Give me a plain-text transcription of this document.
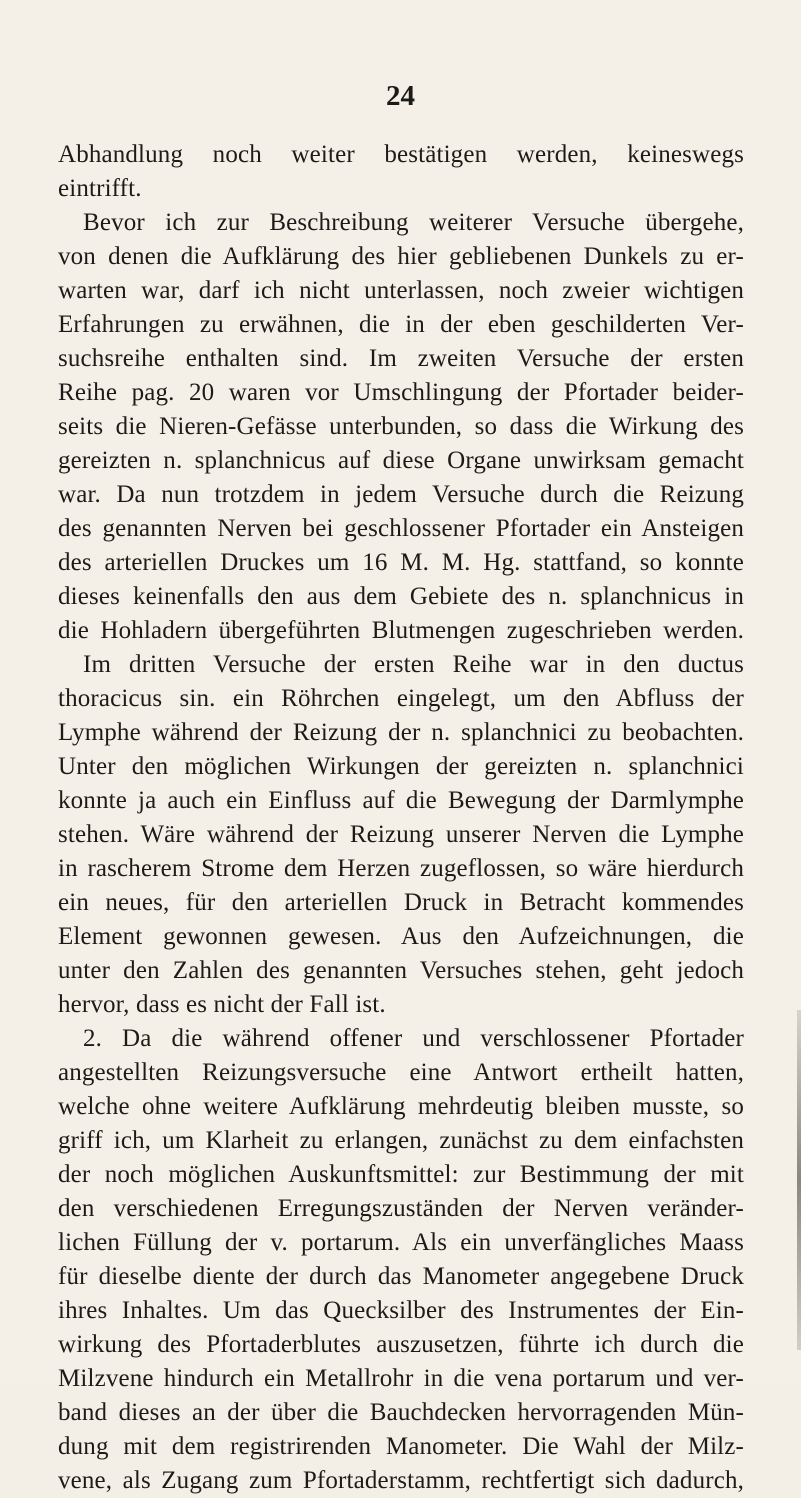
24
Abhandlung noch weiter bestätigen werden, keineswegs
eintrifft.
Bevor ich zur Beschreibung weiterer Versuche übergehe,
von denen die Aufklärung des hier gebliebenen Dunkels zu er-
warten war, darf ich nicht unterlassen, noch zweier wichtigen
Erfahrungen zu erwähnen, die in der eben geschilderten Ver-
suchsreihe enthalten sind. Im zweiten Versuche der ersten
Reihe pag. 20 waren vor Umschlingung der Pfortader beider-
seits die Nieren-Gefässe unterbunden, so dass die Wirkung des
gereizten n. splanchnicus auf diese Organe unwirksam gemacht
war. Da nun trotzdem in jedem Versuche durch die Reizung
des genannten Nerven bei geschlossener Pfortader ein Ansteigen
des arteriellen Druckes um 16 M. M. Hg. stattfand, so konnte
dieses keinenfalls den aus dem Gebiete des n. splanchnicus in
die Hohladern übergeführten Blutmengen zugeschrieben werden.
Im dritten Versuche der ersten Reihe war in den ductus
thoracicus sin. ein Röhrchen eingelegt, um den Abfluss der
Lymphe während der Reizung der n. splanchnici zu beobachten.
Unter den möglichen Wirkungen der gereizten n. splanchnici
konnte ja auch ein Einfluss auf die Bewegung der Darmlymphe
stehen. Wäre während der Reizung unserer Nerven die Lymphe
in rascherem Strome dem Herzen zugeflossen, so wäre hierdurch
ein neues, für den arteriellen Druck in Betracht kommendes
Element gewonnen gewesen. Aus den Aufzeichnungen, die
unter den Zahlen des genannten Versuches stehen, geht jedoch
hervor, dass es nicht der Fall ist.
2. Da die während offener und verschlossener Pfortader
angestellten Reizungsversuche eine Antwort ertheilt hatten,
welche ohne weitere Aufklärung mehrdeutig bleiben musste, so
griff ich, um Klarheit zu erlangen, zunächst zu dem einfachsten
der noch möglichen Auskunftsmittel: zur Bestimmung der mit
den verschiedenen Erregungszuständen der Nerven veränder-
lichen Füllung der v. portarum. Als ein unverfängliches Maass
für dieselbe diente der durch das Manometer angegebene Druck
ihres Inhaltes. Um das Quecksilber des Instrumentes der Ein-
wirkung des Pfortaderblutes auszusetzen, führte ich durch die
Milzvene hindurch ein Metallrohr in die vena portarum und ver-
band dieses an der über die Bauchdecken hervorragenden Mün-
dung mit dem registrirenden Manometer. Die Wahl der Milz-
vene, als Zugang zum Pfortaderstamm, rechtfertigt sich dadurch,
